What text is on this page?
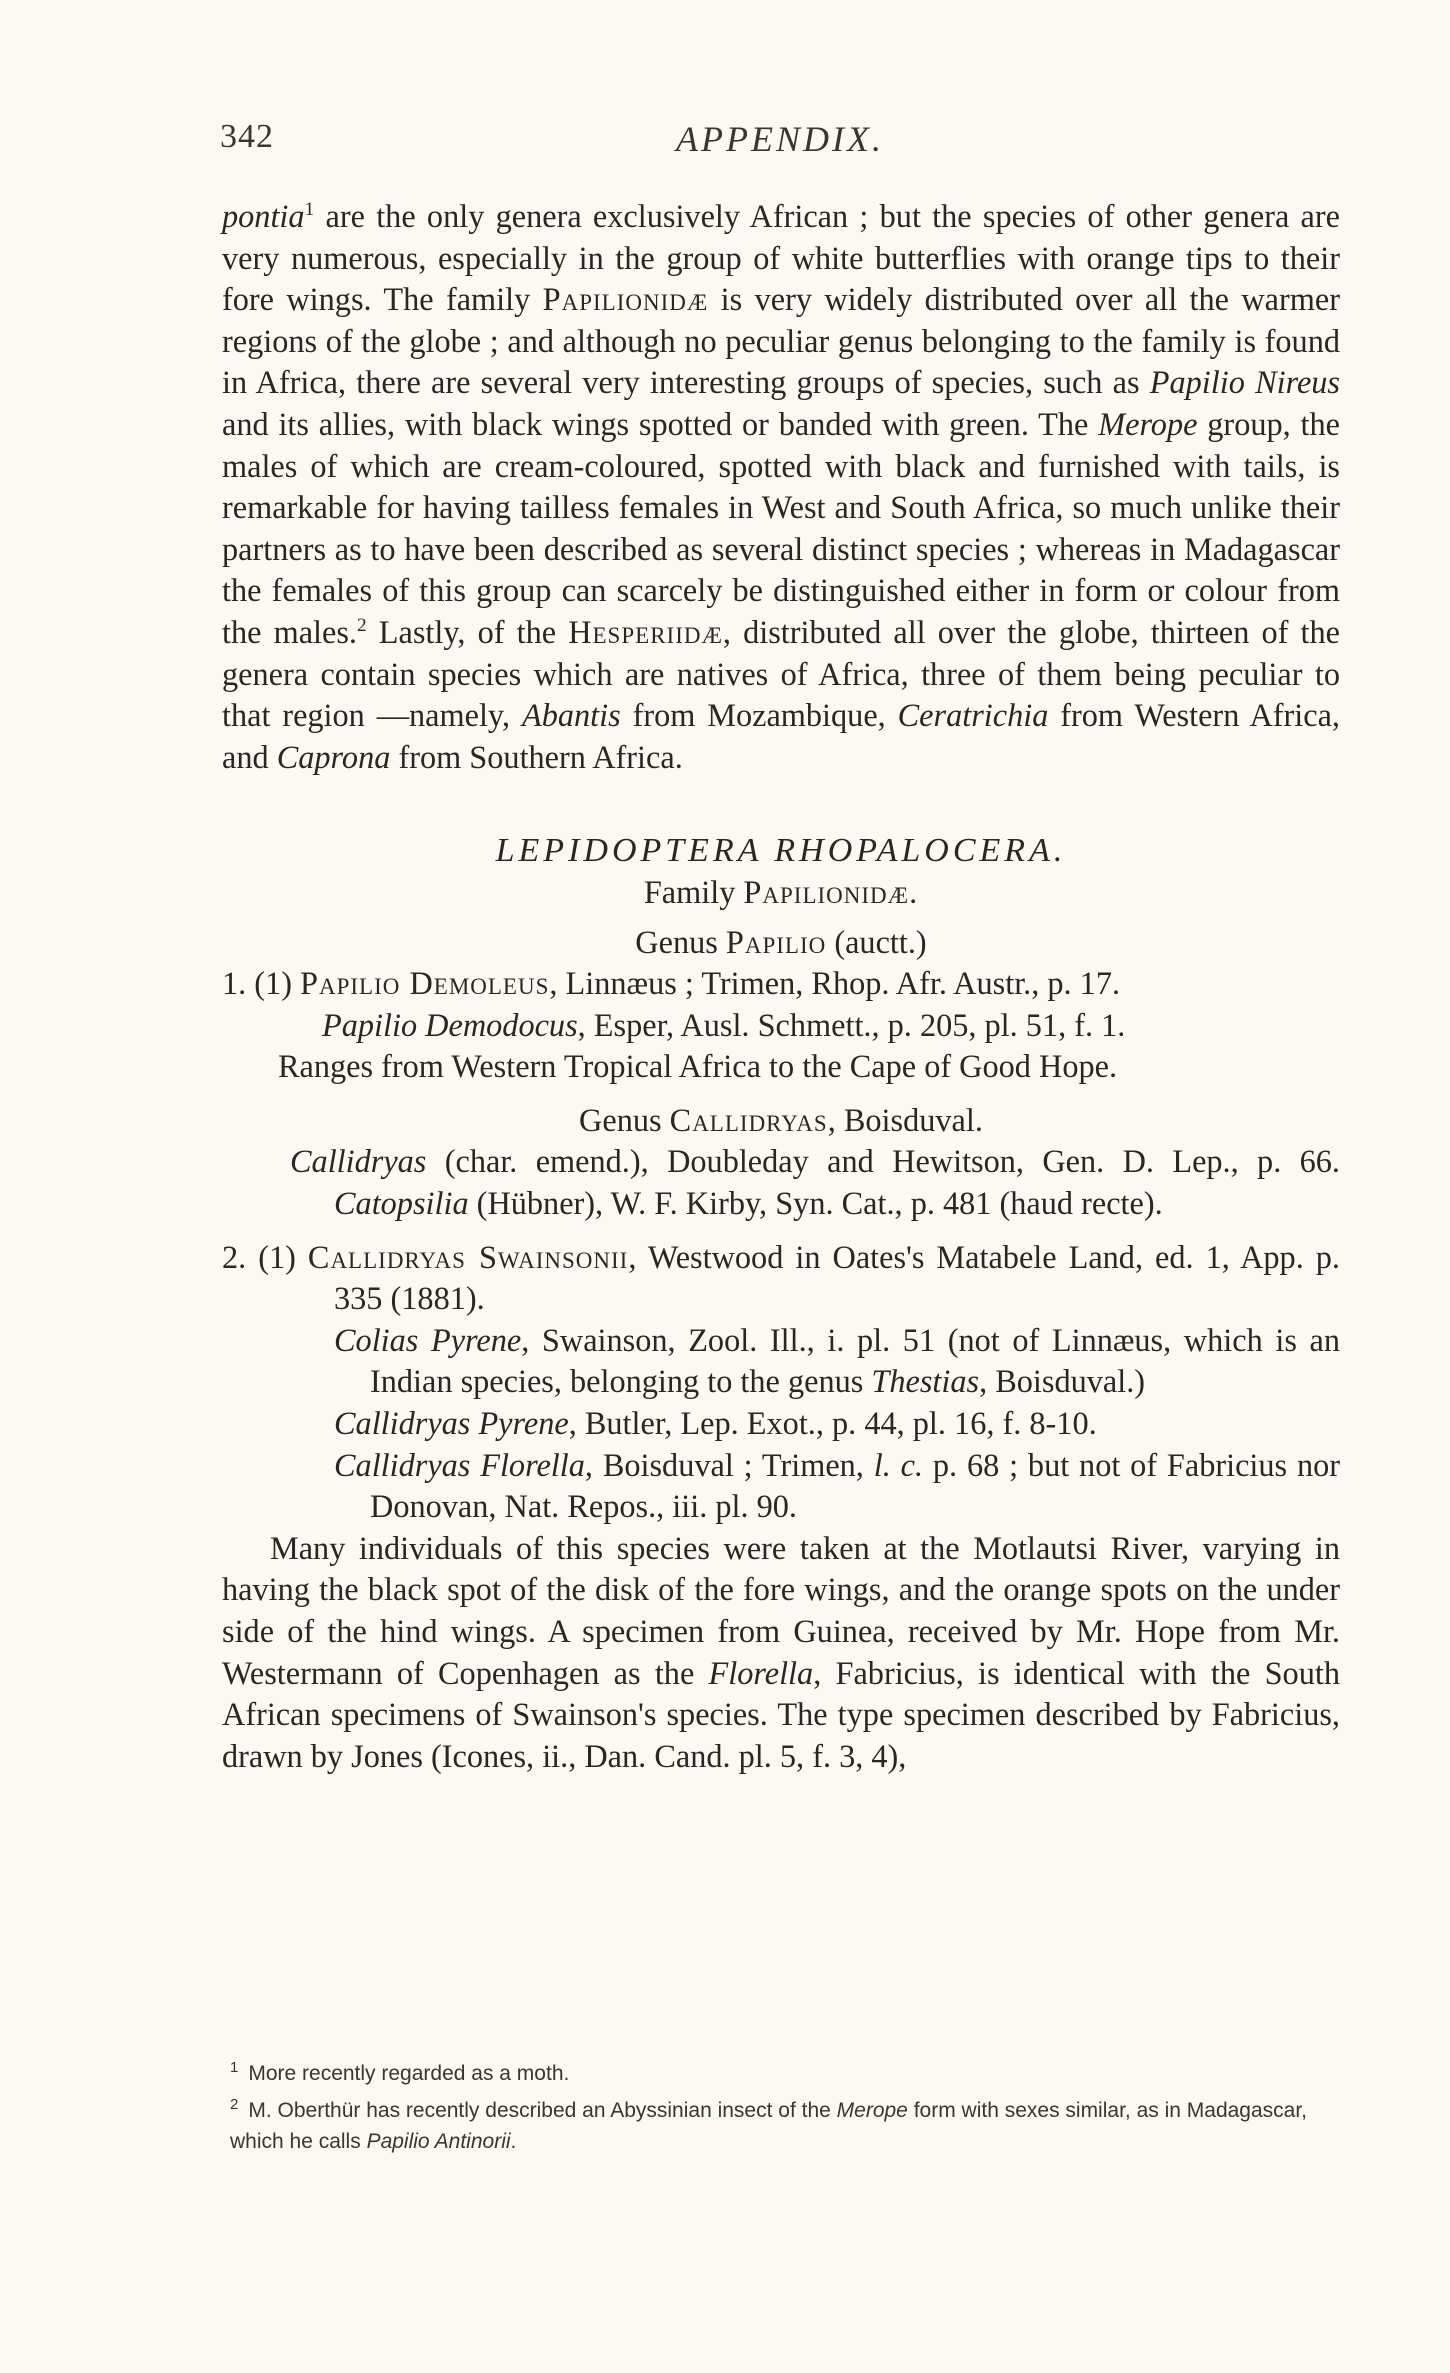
342	APPENDIX.

pontia$^1$ are the only genera exclusively African ; but the species of other genera are very numerous, especially in the group of white butterflies with orange tips to their fore wings. The family Papilionidæ is very widely distributed over all the warmer regions of the globe ; and although no peculiar genus belonging to the family is found in Africa, there are several very interesting groups of species, such as Papilio Nireus and its allies, with black wings spotted or banded with green. The Merope group, the males of which are cream-coloured, spotted with black and furnished with tails, is remarkable for having tailless females in West and South Africa, so much unlike their partners as to have been described as several distinct species ; whereas in Madagascar the females of this group can scarcely be distinguished either in form or colour from the males.$^2$ Lastly, of the Hesperiidæ, distributed all over the globe, thirteen of the genera contain species which are natives of Africa, three of them being peculiar to that region —namely, Abantis from Mozambique, Ceratrichia from Western Africa, and Caprona from Southern Africa.

LEPIDOPTERA RHOPALOCERA.

Family Papilionidæ.

Genus Papilio (auctt.)

1. (1) Papilio Demoleus, Linnæus ; Trimen, Rhop. Afr. Austr., p. 17.

Papilio Demodocus, Esper, Ausl. Schmett., p. 205, pl. 51, f. 1.

Ranges from Western Tropical Africa to the Cape of Good Hope.

Genus Callidryas, Boisduval.

Callidryas (char. emend.), Doubleday and Hewitson, Gen. D. Lep., p. 66. Catopsilia (Hübner), W. F. Kirby, Syn. Cat., p. 481 (haud recte).

2. (1) Callidryas Swainsonii, Westwood in Oates's Matabele Land, ed. 1, App. p. 335 (1881).

Colias Pyrene, Swainson, Zool. Ill., i. pl. 51 (not of Linnæus, which is an Indian species, belonging to the genus Thestias, Boisduval.)

Callidryas Pyrene, Butler, Lep. Exot., p. 44, pl. 16, f. 8-10.

Callidryas Florella, Boisduval ; Trimen, l. c. p. 68 ; but not of Fabricius nor Donovan, Nat. Repos., iii. pl. 90.

Many individuals of this species were taken at the Motlautsi River, varying in having the black spot of the disk of the fore wings, and the orange spots on the under side of the hind wings. A specimen from Guinea, received by Mr. Hope from Mr. Westermann of Copenhagen as the Florella, Fabricius, is identical with the South African specimens of Swainson's species. The type specimen described by Fabricius, drawn by Jones (Icones, ii., Dan. Cand. pl. 5, f. 3, 4),

$^1$ More recently regarded as a moth.

$^2$ M. Oberthür has recently described an Abyssinian insect of the Merope form with sexes similar, as in Madagascar, which he calls Papilio Antinorii.
